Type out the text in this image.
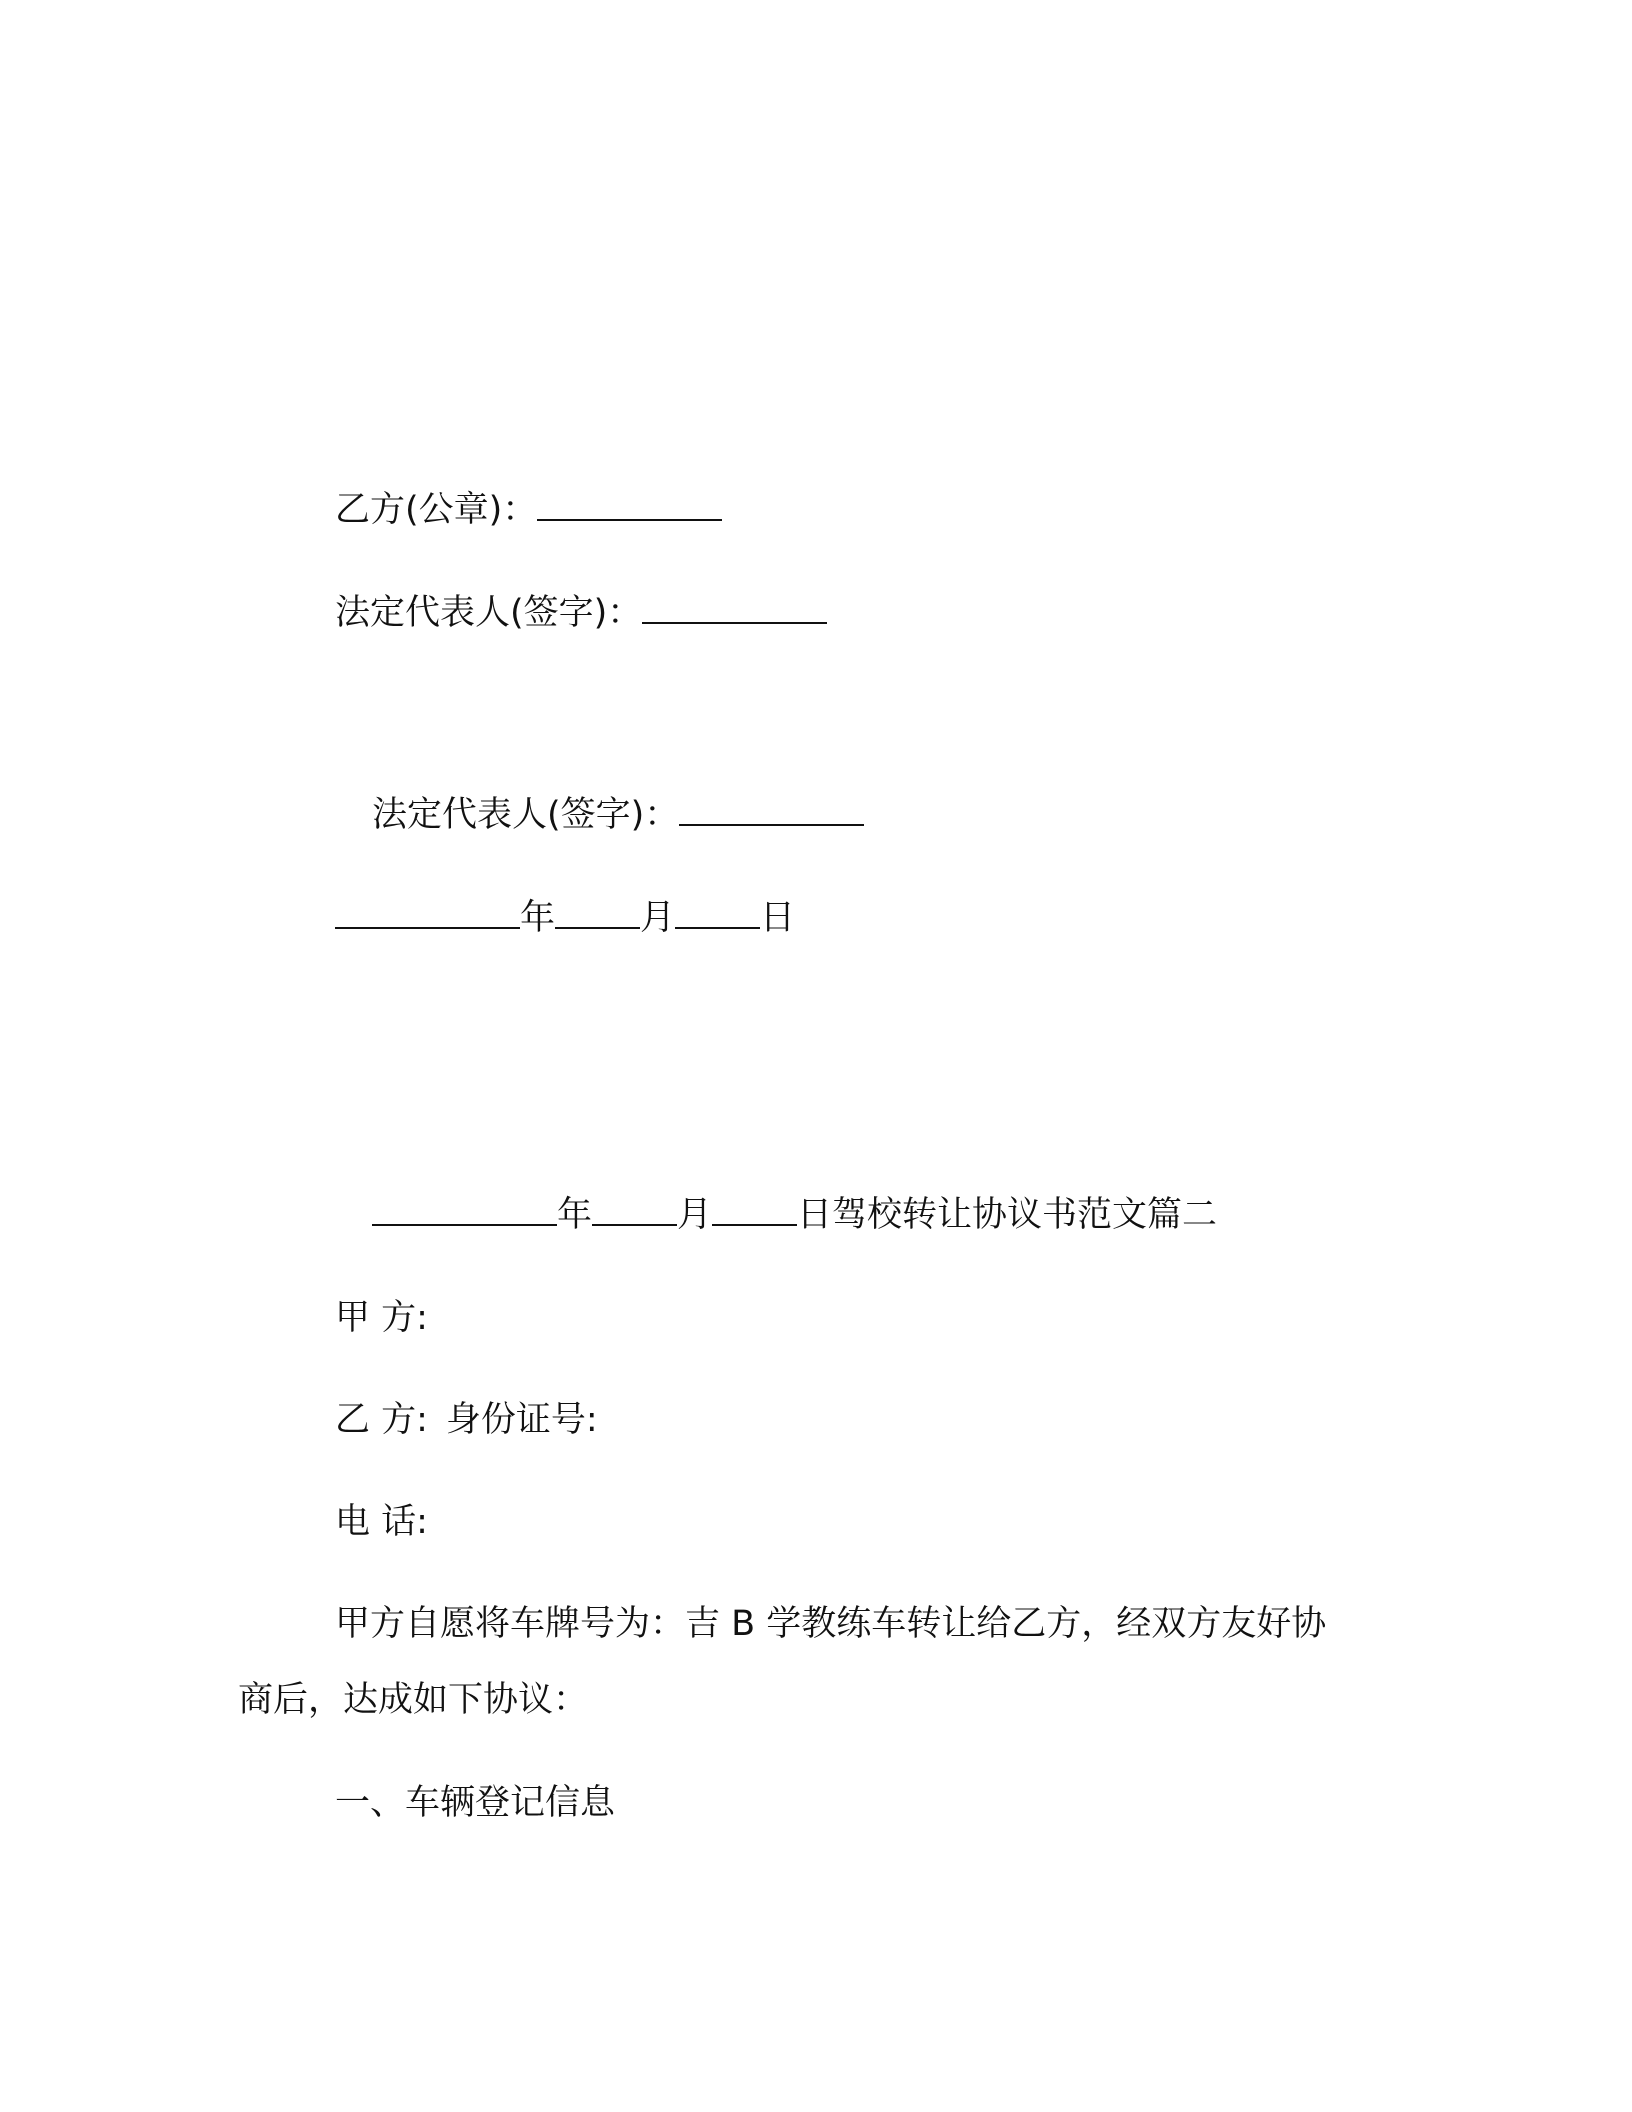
乙方(公章)：
法定代表人(签字)：
法定代表人(签字)：
年 月 日
年 月 日驾校转让协议书范文篇二
甲 方:
乙 方: 身份证号:
电 话:
甲方自愿将车牌号为：吉 B 学教练车转让给乙方，经双方友好协
商后，达成如下协议：
一、车辆登记信息
